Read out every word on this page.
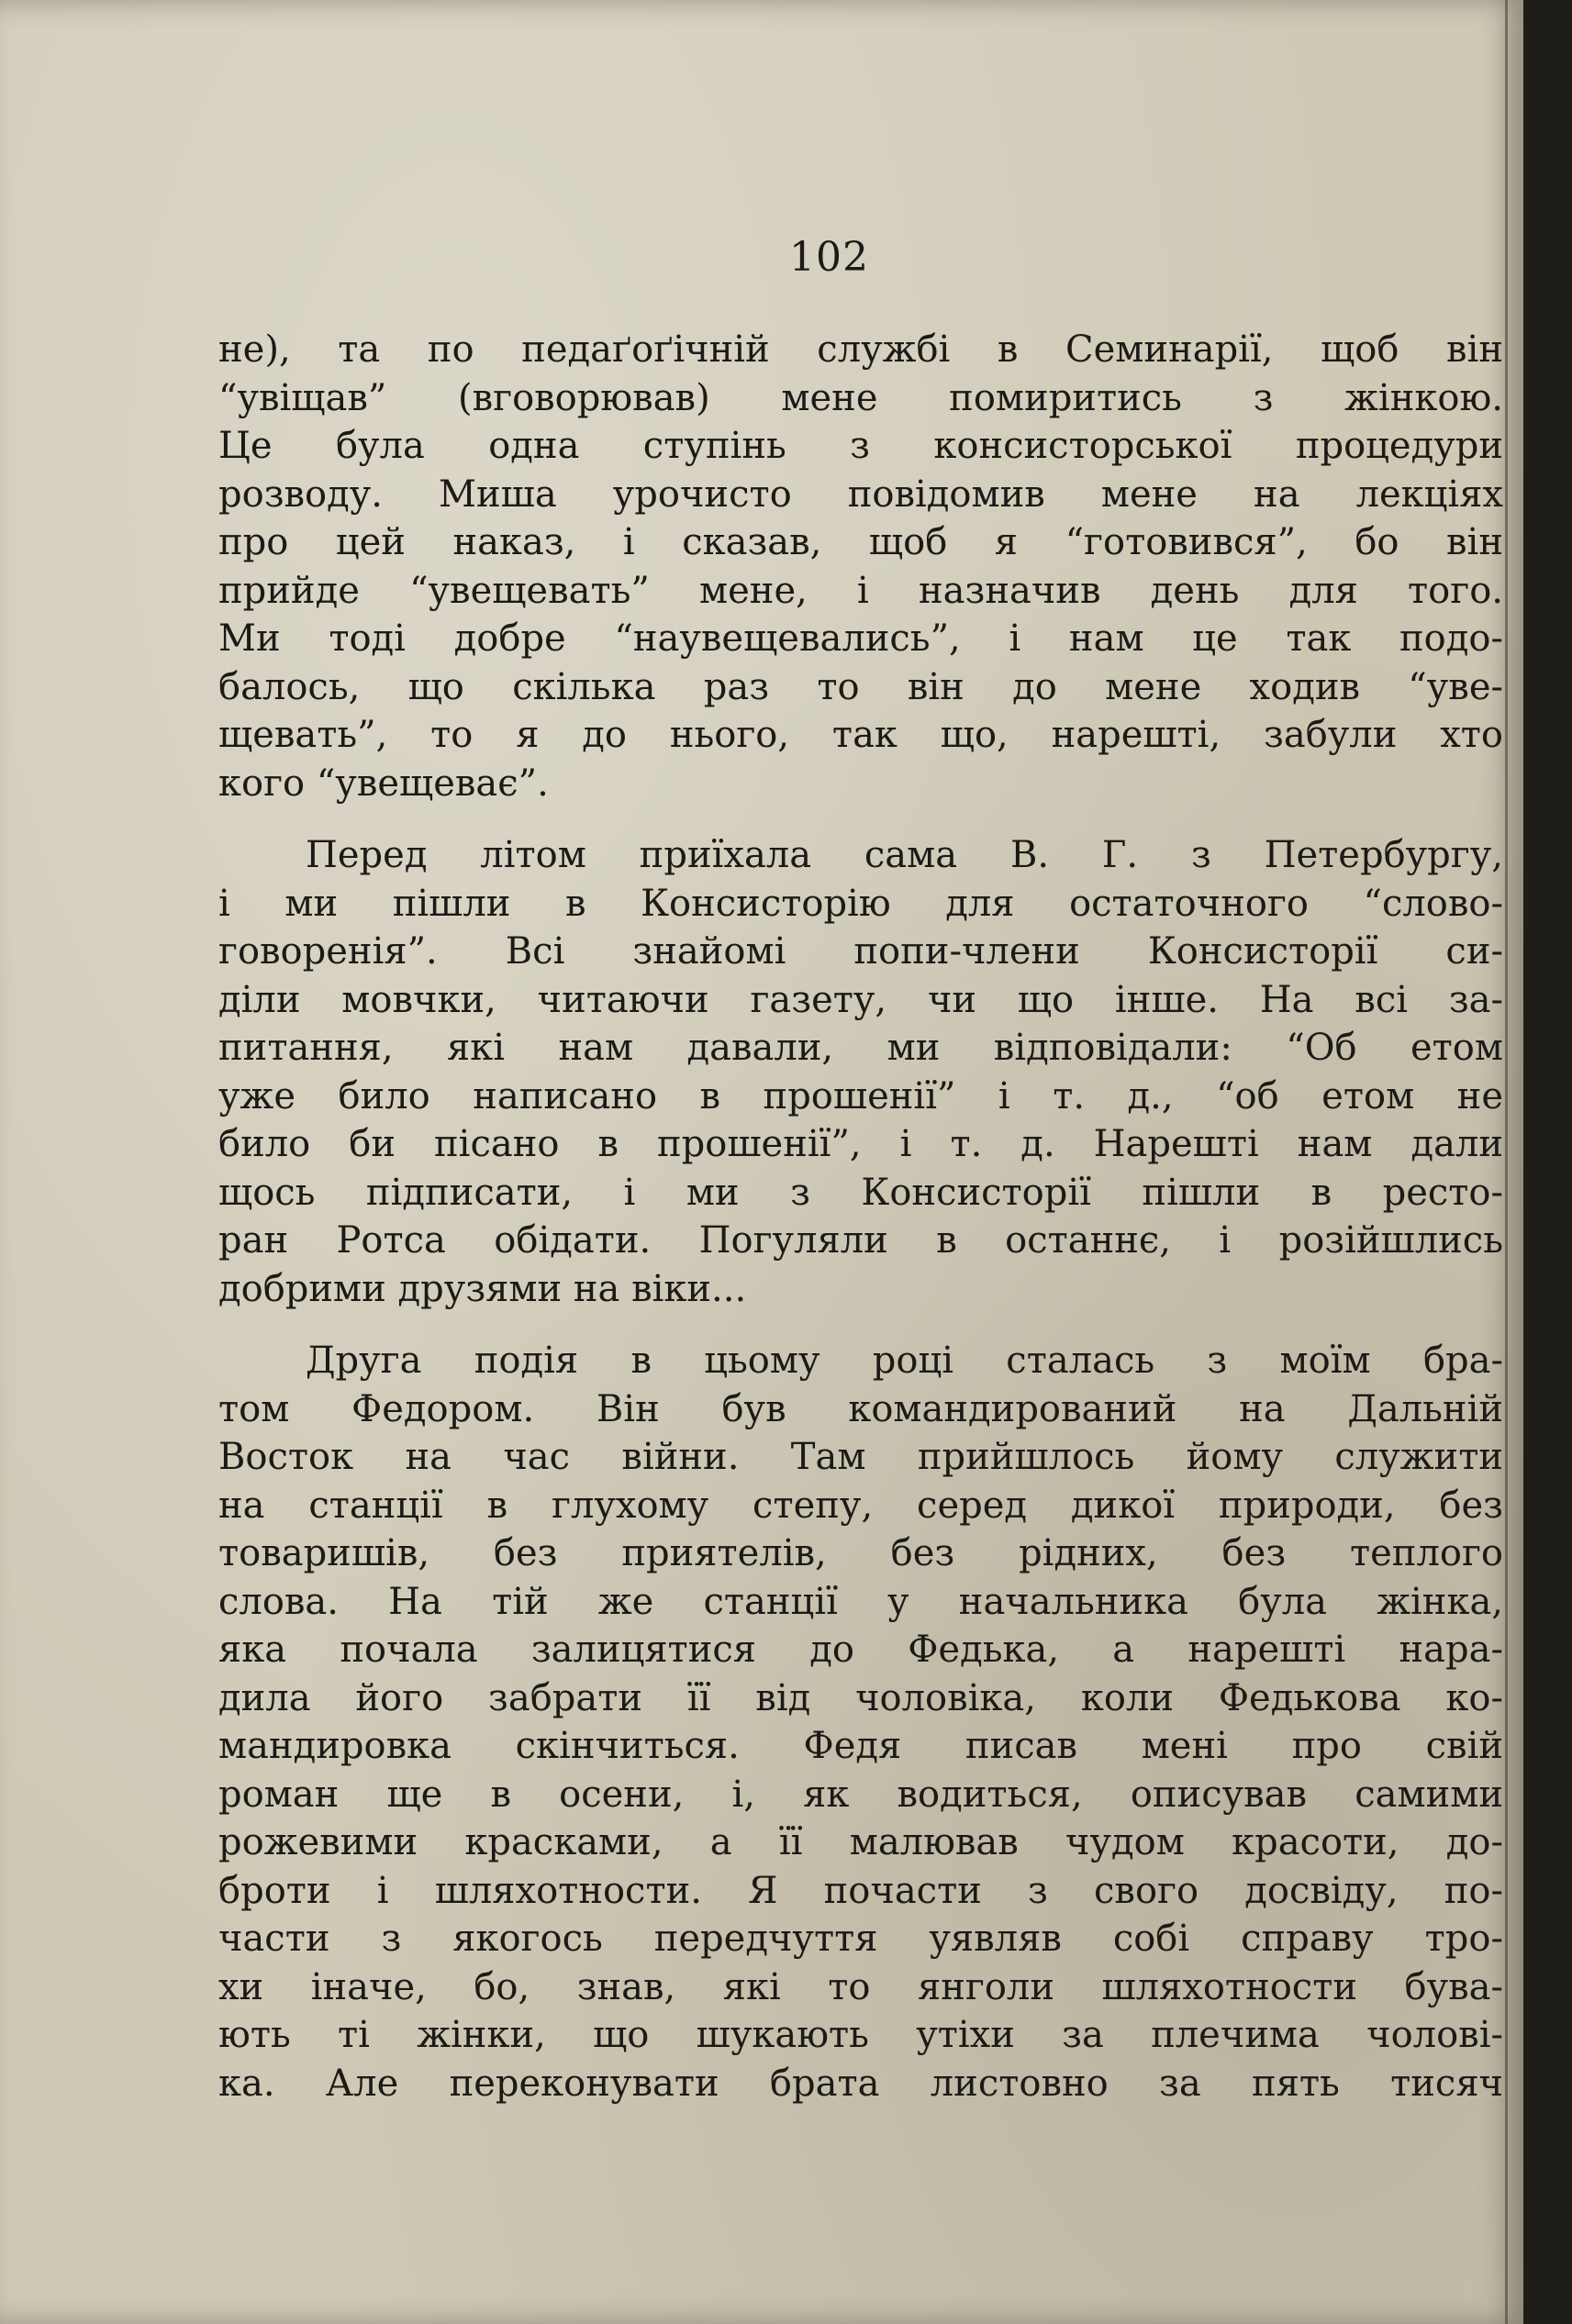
102

не), та по педаґоґічній службі в Семинарії, щоб він
“увіщав” (вговорював) мене помиритись з жінкою.
Це була одна ступінь з консисторської процедури
розводу. Миша урочисто повідомив мене на лекціях
про цей наказ, і сказав, щоб я “готовився”, бо він
прийде “увещевать” мене, і назначив день для того.
Ми тоді добре “наувещевались”, і нам це так подо-
балось, що скілька раз то він до мене ходив “уве-
щевать”, то я до нього, так що, нарешті, забули хто
кого “увещеває”.

Перед літом приїхала сама В. Г. з Петербургу,
і ми пішли в Консисторію для остаточного “слово-
говоренія”. Всі знайомі попи-члени Консисторії си-
діли мовчки, читаючи газету, чи що інше. На всі за-
питання, які нам давали, ми відповідали: “Об етом
уже било написано в прошенії” і т. д., “об етом не
било би пісано в прошенії”, і т. д. Нарешті нам дали
щось підписати, і ми з Консисторії пішли в ресто-
ран Ротса обідати. Погуляли в останнє, і розійшлись
добрими друзями на віки...

Друга подія в цьому році сталась з моїм бра-
том Федором. Він був командирований на Дальній
Восток на час війни. Там прийшлось йому служити
на станції в глухому степу, серед дикої природи, без
товаришів, без приятелів, без рідних, без теплого
слова. На тій же станції у начальника була жінка,
яка почала залицятися до Федька, а нарешті нара-
дила його забрати її від чоловіка, коли Федькова ко-
мандировка скінчиться. Федя писав мені про свій
роман ще в осени, і, як водиться, описував самими
рожевими красками, а її малював чудом красоти, до-
броти і шляхотности. Я почасти з свого досвіду, по-
части з якогось передчуття уявляв собі справу тро-
хи іначе, бо, знав, які то янголи шляхотности бува-
ють ті жінки, що шукають утіхи за плечима чолові-
ка. Але переконувати брата листовно за пять тисяч
